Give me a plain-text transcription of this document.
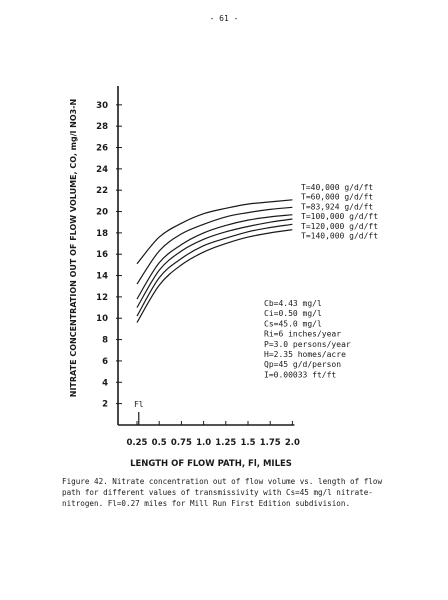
- 61 -
2
4
6
8
10
12
14
16
18
20
22
24
26
28
30
0.25 0.5 0.75 1.0 1.25 1.5 1.75 2.0
LENGTH OF FLOW PATH, Fl, MILES
NITRATE CONCENTRATION OUT OF FLOW VOLUME, CO, mg/l NO3-N
Fl
T=40,000 g/d/ft
T=60,000 g/d/ft
T=83,924 g/d/ft
T=100,000 g/d/ft
T=120,000 g/d/ft
T=140,000 g/d/ft
Cb=4.43 mg/l
Ci=0.50 mg/l
Cs=45.0 mg/l
Ri=6 inches/year
P=3.0 persons/year
H=2.35 homes/acre
Qp=45 g/d/person
I=0.00033 ft/ft
Figure 42. Nitrate concentration out of flow volume vs. length of flow
path for different values of transmissivity with Cs=45 mg/l nitrate-
nitrogen. Fl=0.27 miles for Mill Run First Edition subdivision.
